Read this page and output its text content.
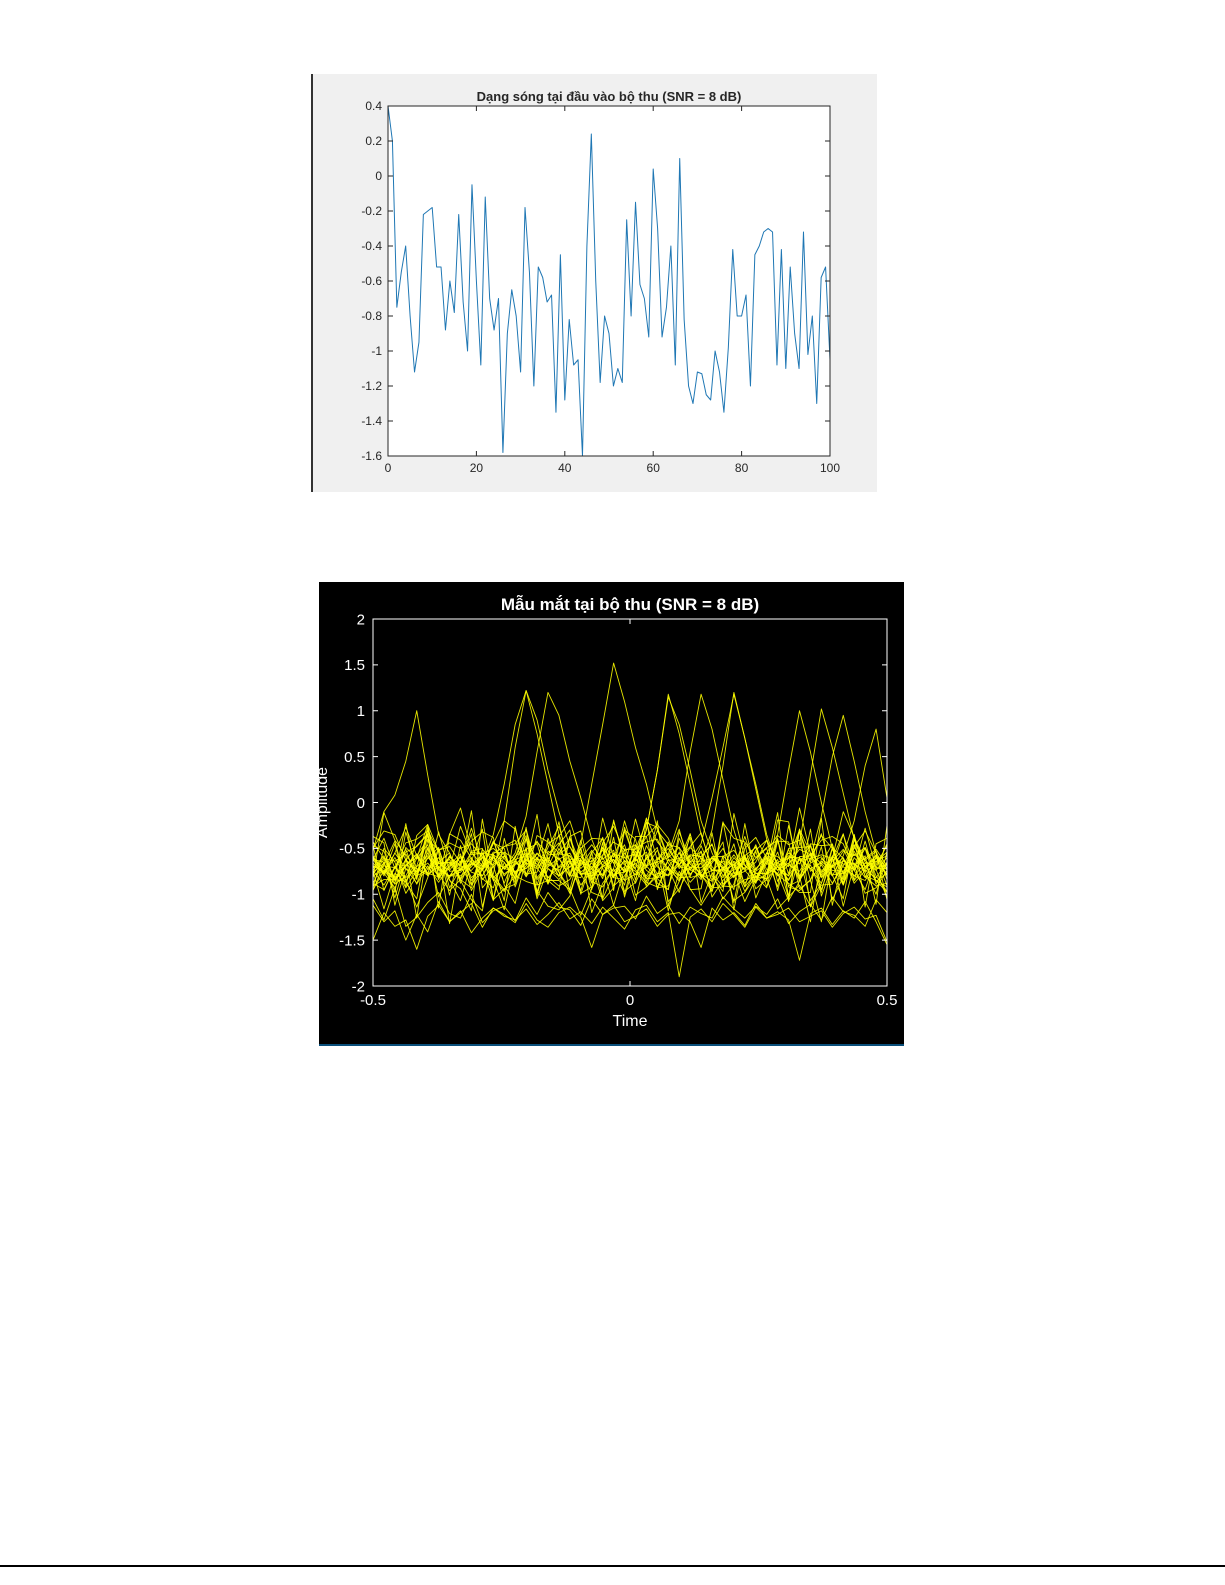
0.4
0.2
0
-0.2
-0.4
-0.6
-0.8
-1
-1.2
-1.4
-1.6
0	20	40	60	80	100
Dạng sóng tại đầu vào bộ thu (SNR = 8 dB)
2
1.5
1
0.5
0
-0.5
-1
-1.5
-2
-0.5	0	0.5
Mẫu mắt tại bộ thu (SNR = 8 dB)
Time
Amplitude
